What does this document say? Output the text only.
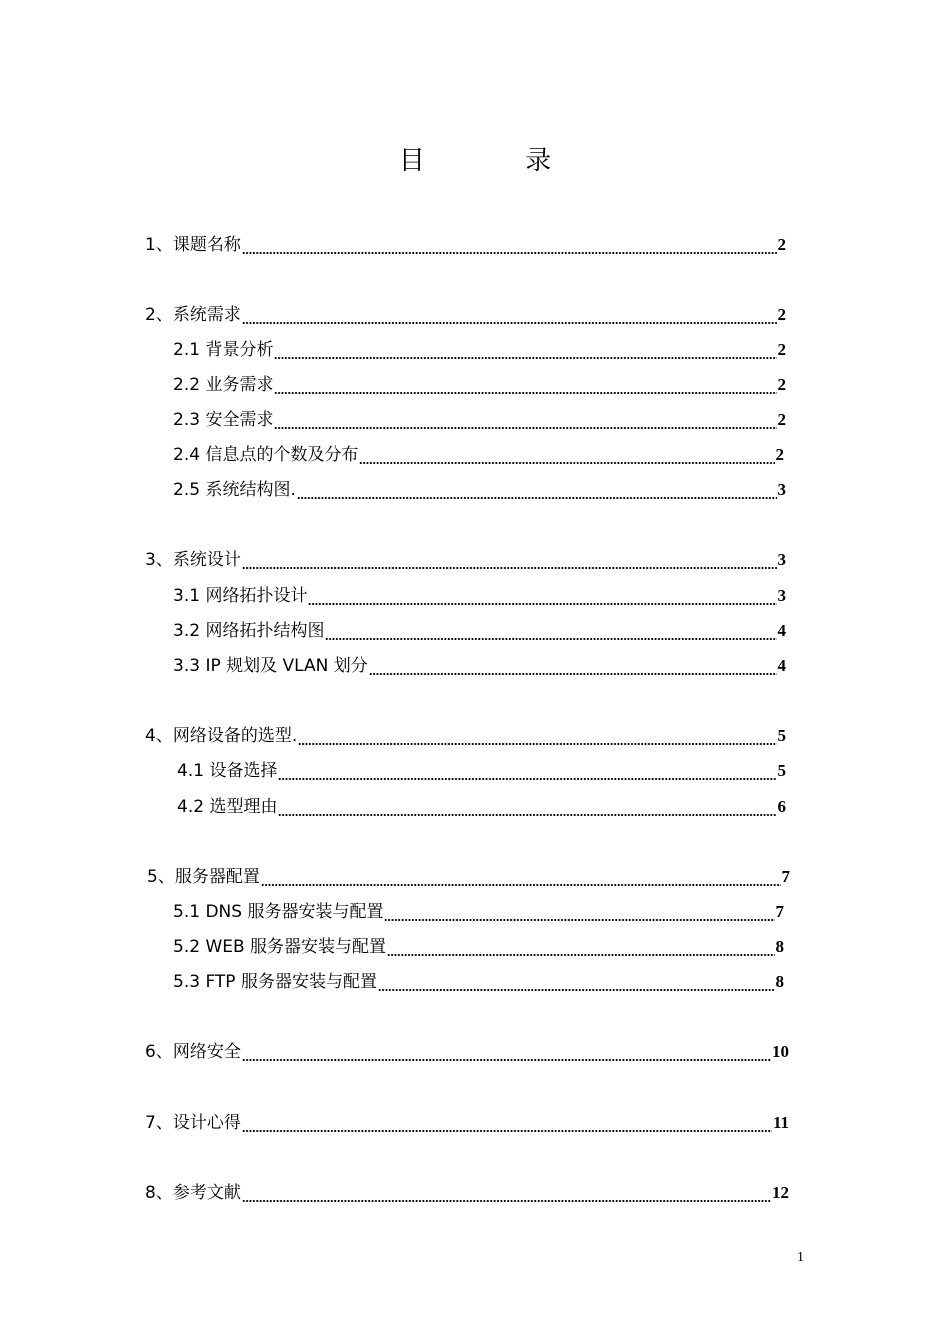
目 录
1、课题名称	2
2、系统需求	2
2.1 背景分析	2
2.2 业务需求	2
2.3 安全需求	2
2.4 信息点的个数及分布	2
2.5 系统结构图.	3
3、系统设计	3
3.1 网络拓扑设计	3
3.2 网络拓扑结构图	4
3.3 IP 规划及 VLAN 划分	4
4、网络设备的选型.	5
4.1 设备选择	5
4.2 选型理由	6
5、服务器配置	7
5.1 DNS 服务器安装与配置	7
5.2 WEB 服务器安装与配置	8
5.3 FTP 服务器安装与配置	8
6、网络安全	10
7、设计心得	11
8、参考文献	12
1
